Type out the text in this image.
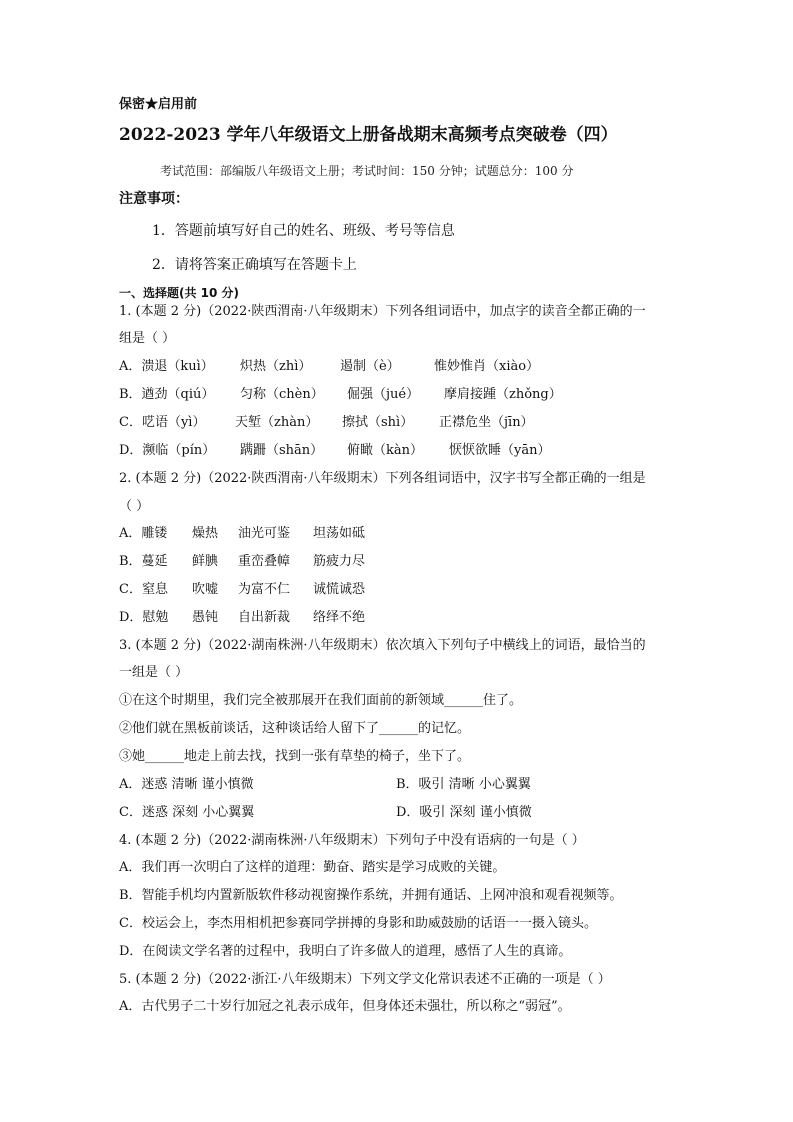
保密★启用前
2022-2023 学年八年级语文上册备战期末高频考点突破卷（四）
考试范围：部编版八年级语文上册；考试时间：150 分钟；试题总分：100 分
注意事项：
1．答题前填写好自己的姓名、班级、考号等信息
2．请将答案正确填写在答题卡上
一、选择题(共 10 分)
1. (本题 2 分)（2022·陕西渭南·八年级期末）下列各组词语中，加点字的读音全都正确的一
组是（ ）
A．溃退（kuì） 炽热（zhì） 遏制（è）	惟妙惟肖（xiào）
B．遒劲（qiú） 匀称（chèn） 倔强（jué） 摩肩接踵（zhǒng）
C．呓语（yì） 天堑（zhàn） 擦拭（shì） 正襟危坐（jīn）
D．濒临（pín） 蹒跚（shān） 俯瞰（kàn） 恹恹欲睡（yān）
2. (本题 2 分)（2022·陕西渭南·八年级期末）下列各组词语中，汉字书写全都正确的一组是
（ ）
A．雕镂 燥热 油光可鉴 坦荡如砥
B．蔓延 鲜腆 重峦叠幛 筋疲力尽
C．窒息 吹嘘 为富不仁 诚慌诚恐
D．慰勉 愚钝 自出新裁 络绎不绝
3. (本题 2 分)（2022·湖南株洲·八年级期末）依次填入下列句子中横线上的词语，最恰当的
一组是（ ）
①在这个时期里，我们完全被那展开在我们面前的新领域______住了。
②他们就在黑板前谈话，这种谈话给人留下了______的记忆。
③她______地走上前去找，找到一张有草垫的椅子，坐下了。
A．迷惑 清晰 谨小慎微	B．吸引 清晰 小心翼翼
C．迷惑 深刻 小心翼翼	D．吸引 深刻 谨小慎微
4. (本题 2 分)（2022·湖南株洲·八年级期末）下列句子中没有语病的一句是（ ）
A．我们再一次明白了这样的道理：勤奋、踏实是学习成败的关键。
B．智能手机均内置新版软件移动视窗操作系统，并拥有通话、上网冲浪和观看视频等。
C．校运会上，李杰用相机把参赛同学拼搏的身影和助威鼓励的话语一一摄入镜头。
D．在阅读文学名著的过程中，我明白了许多做人的道理，感悟了人生的真谛。
5. (本题 2 分)（2022·浙江·八年级期末）下列文学文化常识表述不正确的一项是（ ）
A．古代男子二十岁行加冠之礼表示成年，但身体还未强壮，所以称之“弱冠”。
